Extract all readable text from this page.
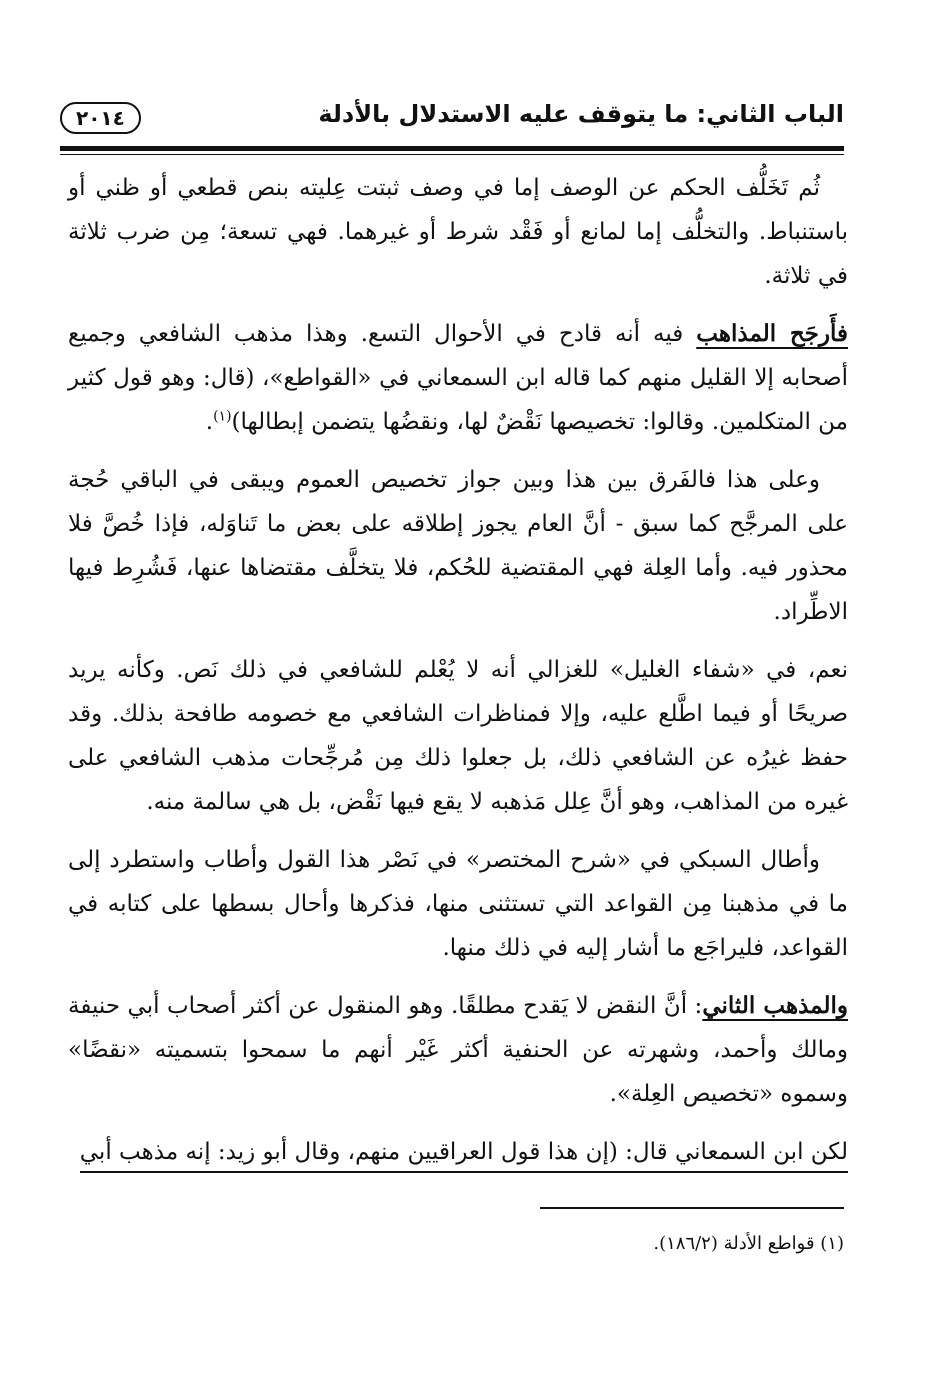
الباب الثاني: ما يتوقف عليه الاستدلال بالأدلة
٢٠١٤

ثُم تَخَلُّف الحكم عن الوصف إما في وصف ثبتت عِليته بنص قطعي أو ظني أو باستنباط. والتخلُّف إما لمانع أو فَقْد شرط أو غيرهما. فهي تسعة؛ مِن ضرب ثلاثة في ثلاثة.

فأَرجَح المذاهب فيه أنه قادح في الأحوال التسع. وهذا مذهب الشافعي وجميع أصحابه إلا القليل منهم كما قاله ابن السمعاني في «القواطع»، (قال: وهو قول كثير من المتكلمين. وقالوا: تخصيصها نَقْضٌ لها، ونقضُها يتضمن إبطالها)$^{(١)}$.

وعلى هذا فالفَرق بين هذا وبين جواز تخصيص العموم ويبقى في الباقي حُجة على المرجَّح كما سبق - أنَّ العام يجوز إطلاقه على بعض ما تَناوَله، فإذا خُصَّ فلا محذور فيه. وأما العِلة فهي المقتضية للحُكم، فلا يتخلَّف مقتضاها عنها، فَشُرِط فيها الاطِّراد.

نعم، في «شفاء الغليل» للغزالي أنه لا يُعْلم للشافعي في ذلك نَص. وكأنه يريد صريحًا أو فيما اطَّلع عليه، وإلا فمناظرات الشافعي مع خصومه طافحة بذلك. وقد حفظ غيرُه عن الشافعي ذلك، بل جعلوا ذلك مِن مُرجِّحات مذهب الشافعي على غيره من المذاهب، وهو أنَّ عِلل مَذهبه لا يقع فيها نَقْض، بل هي سالمة منه.

وأطال السبكي في «شرح المختصر» في نَصْر هذا القول وأطاب واستطرد إلى ما في مذهبنا مِن القواعد التي تستثنى منها، فذكرها وأحال بسطها على كتابه في القواعد، فليراجَع ما أشار إليه في ذلك منها.

والمذهب الثاني: أنَّ النقض لا يَقدح مطلقًا. وهو المنقول عن أكثر أصحاب أبي حنيفة ومالك وأحمد، وشهرته عن الحنفية أكثر غَيْر أنهم ما سمحوا بتسميته «نقضًا» وسموه «تخصيص العِلة».

لكن ابن السمعاني قال: (إن هذا قول العراقيين منهم، وقال أبو زيد: إنه مذهب أبي

(١) قواطع الأدلة (١٨٦/٢).
